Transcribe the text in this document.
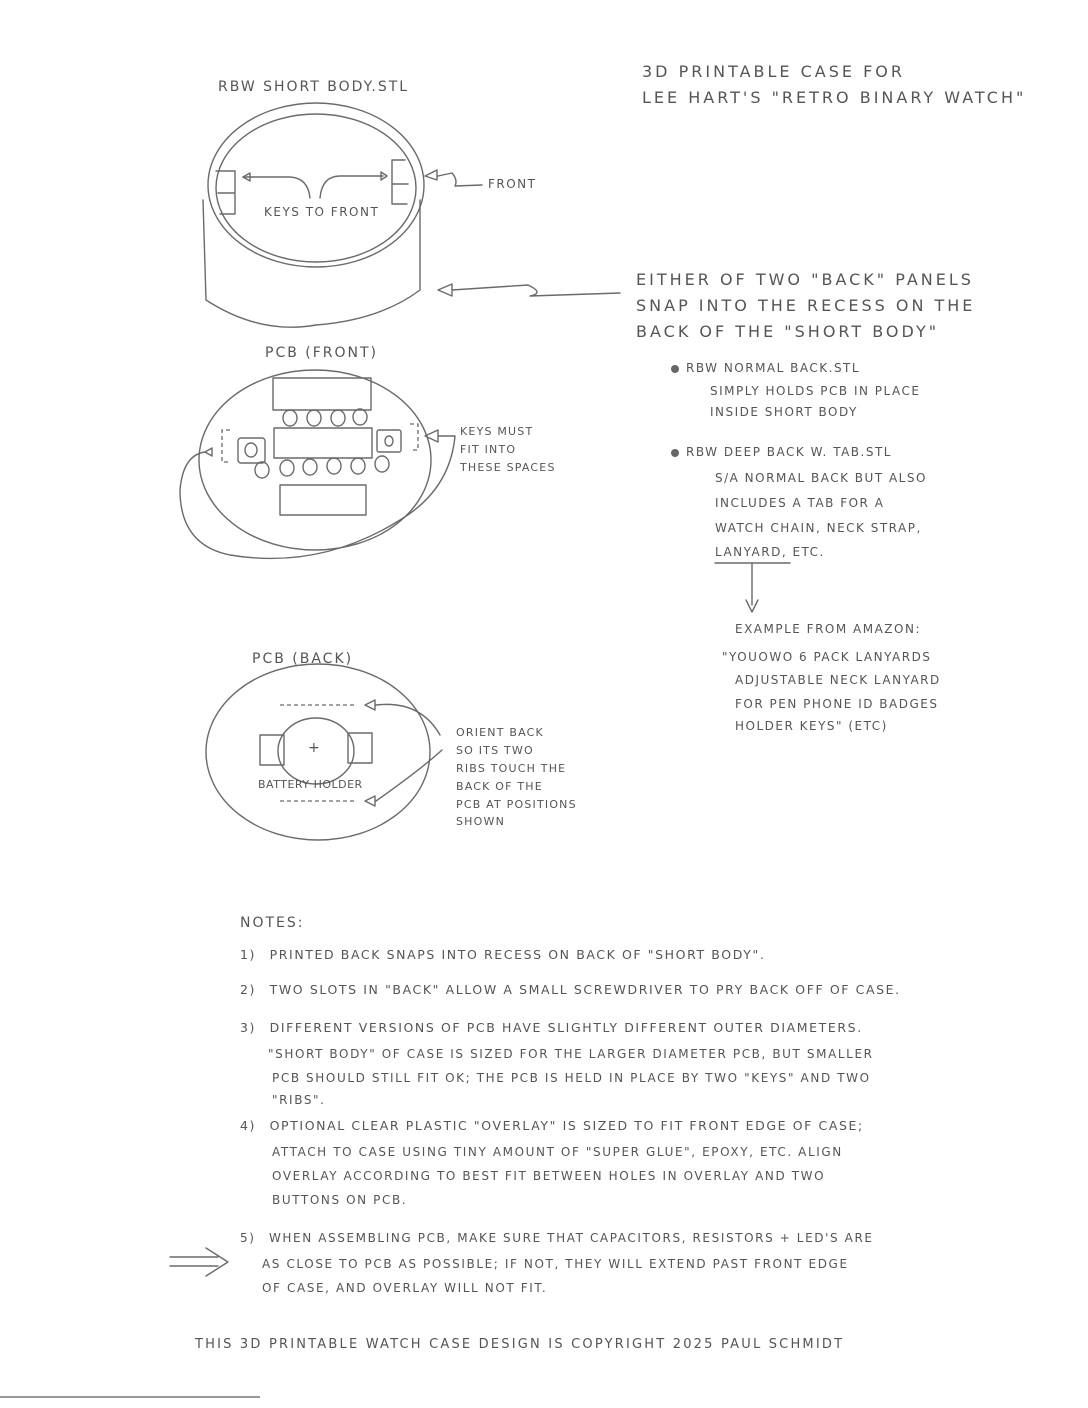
3D PRINTABLE CASE FOR
LEE HART'S "RETRO BINARY WATCH"
RBW SHORT BODY.STL
KEYS TO FRONT
FRONT
EITHER OF TWO "BACK" PANELS
SNAP INTO THE RECESS ON THE
BACK OF THE "SHORT BODY"
RBW NORMAL BACK.STL
SIMPLY HOLDS PCB IN PLACE
INSIDE SHORT BODY
RBW DEEP BACK W. TAB.STL
S/A NORMAL BACK BUT ALSO
INCLUDES A TAB FOR A
WATCH CHAIN, NECK STRAP,
LANYARD, ETC.
EXAMPLE FROM AMAZON:
"YOUOWO 6 PACK LANYARDS
ADJUSTABLE NECK LANYARD
FOR PEN PHONE ID BADGES
HOLDER KEYS" (ETC)
PCB (FRONT)
KEYS MUST
FIT INTO
THESE SPACES
PCB (BACK)
+
BATTERY HOLDER
ORIENT BACK
SO ITS TWO
RIBS TOUCH THE
BACK OF THE
PCB AT POSITIONS
SHOWN
NOTES:
1) PRINTED BACK SNAPS INTO RECESS ON BACK OF "SHORT BODY".
2) TWO SLOTS IN "BACK" ALLOW A SMALL SCREWDRIVER TO PRY BACK OFF OF CASE.
3) DIFFERENT VERSIONS OF PCB HAVE SLIGHTLY DIFFERENT OUTER DIAMETERS.
"SHORT BODY" OF CASE IS SIZED FOR THE LARGER DIAMETER PCB, BUT SMALLER
PCB SHOULD STILL FIT OK; THE PCB IS HELD IN PLACE BY TWO "KEYS" AND TWO
"RIBS".
4) OPTIONAL CLEAR PLASTIC "OVERLAY" IS SIZED TO FIT FRONT EDGE OF CASE;
ATTACH TO CASE USING TINY AMOUNT OF "SUPER GLUE", EPOXY, ETC. ALIGN
OVERLAY ACCORDING TO BEST FIT BETWEEN HOLES IN OVERLAY AND TWO
BUTTONS ON PCB.
5) WHEN ASSEMBLING PCB, MAKE SURE THAT CAPACITORS, RESISTORS + LED'S ARE
AS CLOSE TO PCB AS POSSIBLE; IF NOT, THEY WILL EXTEND PAST FRONT EDGE
OF CASE, AND OVERLAY WILL NOT FIT.
THIS 3D PRINTABLE WATCH CASE DESIGN IS COPYRIGHT 2025 PAUL SCHMIDT
